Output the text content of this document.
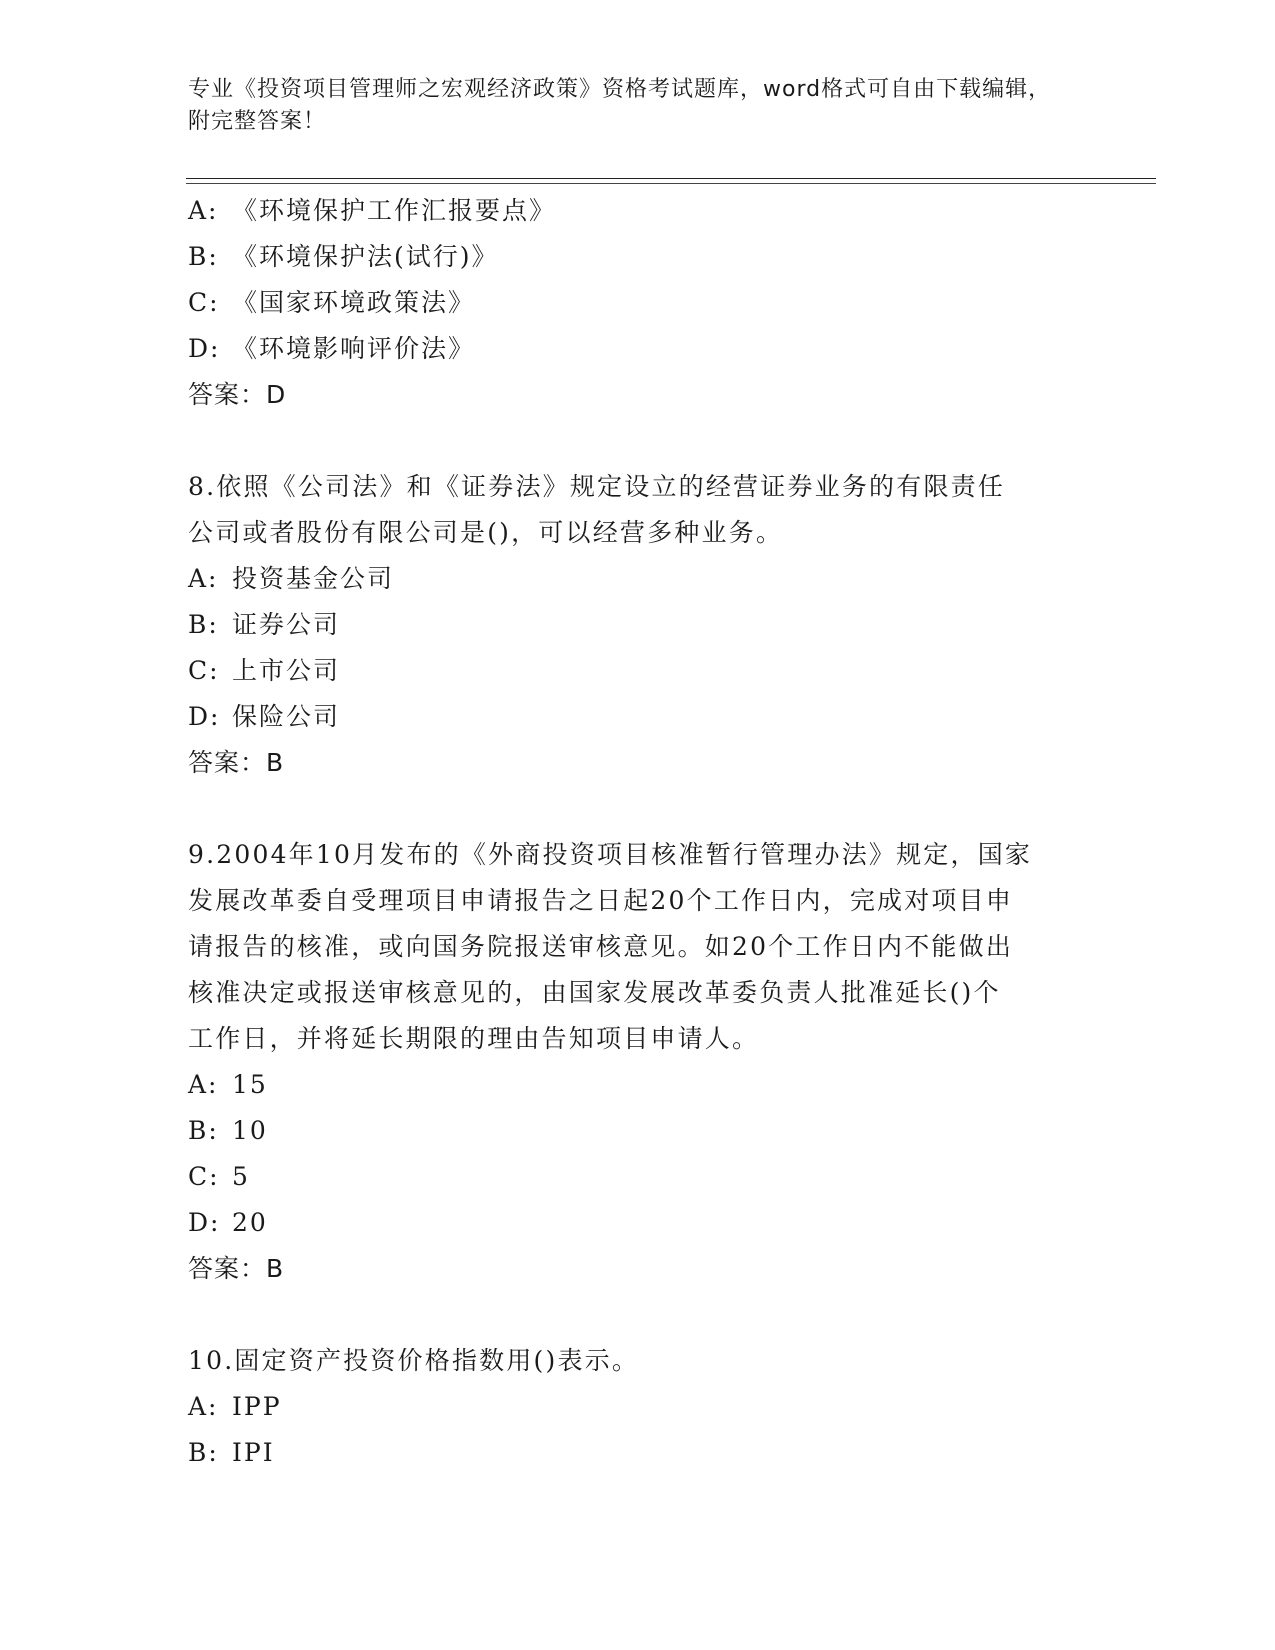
专业《投资项目管理师之宏观经济政策》资格考试题库，word格式可自由下载编辑，附完整答案！
A: 《环境保护工作汇报要点》
B: 《环境保护法(试行)》
C: 《国家环境政策法》
D: 《环境影响评价法》
答案：D
8.依照《公司法》和《证券法》规定设立的经营证券业务的有限责任
公司或者股份有限公司是()，可以经营多种业务。
A: 投资基金公司
B: 证券公司
C: 上市公司
D: 保险公司
答案：B
9.2004年10月发布的《外商投资项目核准暂行管理办法》规定，国家
发展改革委自受理项目申请报告之日起20个工作日内，完成对项目申
请报告的核准，或向国务院报送审核意见。如20个工作日内不能做出
核准决定或报送审核意见的，由国家发展改革委负责人批准延长()个
工作日，并将延长期限的理由告知项目申请人。
A: 15
B: 10
C: 5
D: 20
答案：B
10.固定资产投资价格指数用()表示。
A: IPP
B: IPI
